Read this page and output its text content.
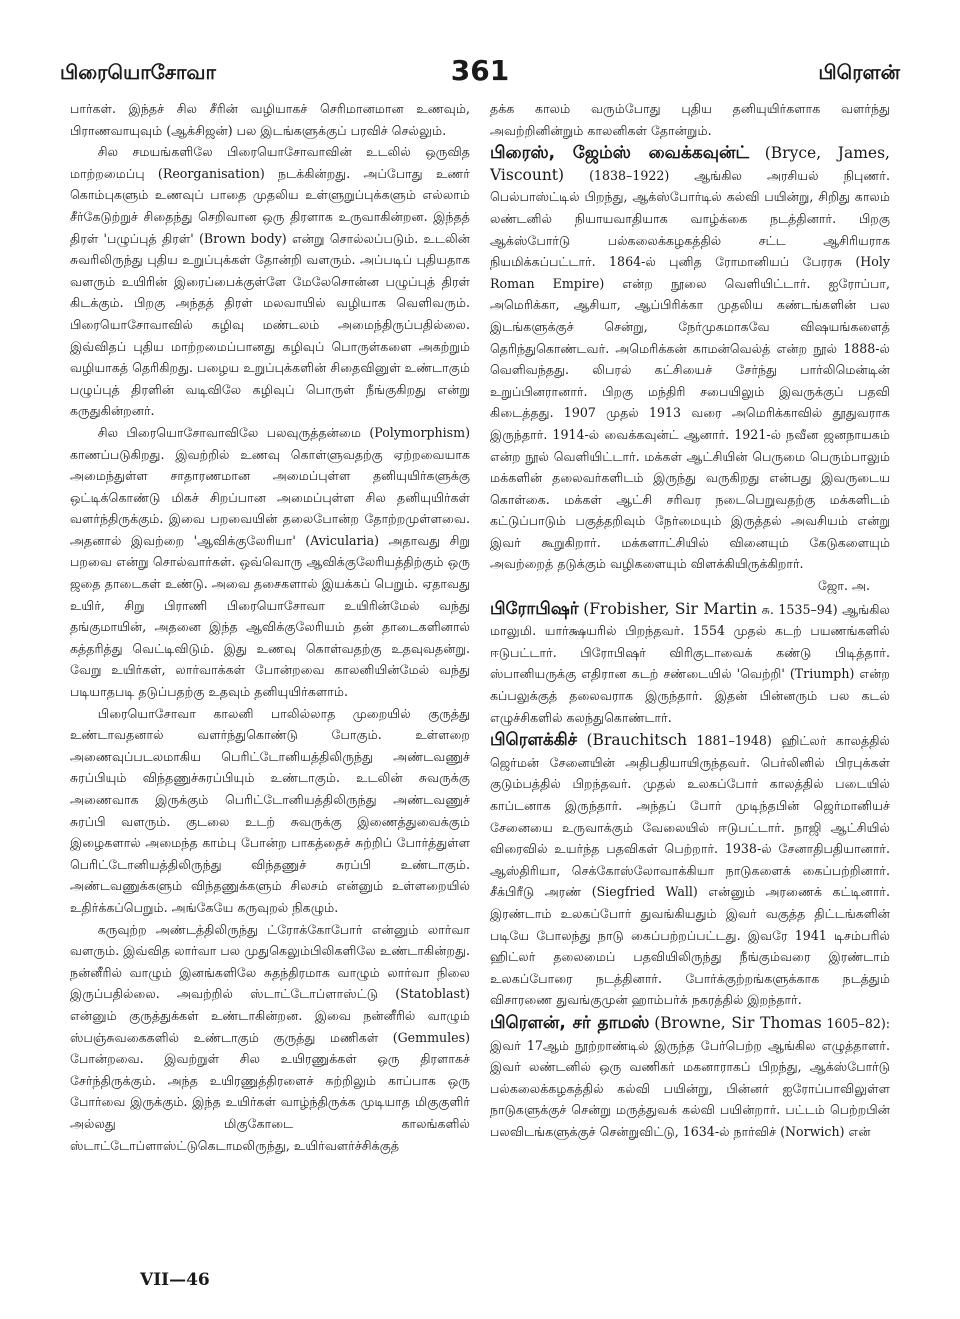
பிரையொசோவா	361	பிரௌன்

பார்கள். இந்தச் சில சீரின் வழியாகச் செரிமானமான உணவும், பிராணவாயுவும் (ஆக்சிஜன்) பல இடங்களுக்குப் பரவிச் செல்லும்.

சில சமயங்களிலே பிரையொசோவாவின் உடலில் ஒருவித மாற்றமைப்பு (Reorganisation) நடக்கின்றது. அப்போது உணர் கொம்புகளும் உணவுப் பாதை முதலிய உள்ளுறுப்புக்களும் எல்லாம் சீர்கேடுற்றுச் சிதைந்து செறிவான ஒரு திரளாக உருவாகின்றன. இந்தத் திரள் 'பழுப்புத் திரள்' (Brown body) என்று சொல்லப்படும். உடலின் சுவரிலிருந்து புதிய உறுப்புக்கள் தோன்றி வளரும். அப்படிப் புதியதாக வளரும் உயிரின் இரைப்பைக்குள்ளே மேலேசொன்ன பழுப்புத் திரள் கிடக்கும். பிறகு அந்தத் திரள் மலவாயில் வழியாக வெளிவரும். பிரையொசோவாவில் கழிவு மண்டலம் அமைந்திருப்பதில்லை. இவ்விதப் புதிய மாற்றமைப்பானது கழிவுப் பொருள்களை அகற்றும் வழியாகத் தெரிகிறது. பழைய உறுப்புக்களின் சிதைவினுள் உண்டாகும் பழுப்புத் திரளின் வடிவிலே கழிவுப் பொருள் நீங்குகிறது என்று கருதுகின்றனர்.

சில பிரையொசோவாவிலே பலவுருத்தன்மை (Polymorphism) காணப்படுகிறது. இவற்றில் உணவு கொள்ளுவதற்கு ஏற்றவையாக அமைந்துள்ள சாதாரணமான அமைப்புள்ள தனியுயிர்களுக்கு ஒட்டிக்கொண்டு மிகச் சிறப்பான அமைப்புள்ள சில தனியுயிர்கள் வளர்ந்திருக்கும். இவை பறவையின் தலைபோன்ற தோற்றமுள்ளவை. அதனால் இவற்றை 'ஆவிக்குலேரியா' (Avicularia) அதாவது சிறு பறவை என்று சொல்வார்கள். ஒவ்வொரு ஆவிக்குலேரியத்திற்கும் ஒரு ஜதை தாடைகள் உண்டு. அவை தசைகளால் இயக்கப் பெறும். ஏதாவது உயிர், சிறு பிராணி பிரையொசோவா உயிரின்மேல் வந்து தங்குமாயின், அதனை இந்த ஆவிக்குலேரியம் தன் தாடைகளினால் கத்தரித்து வெட்டிவிடும். இது உணவு கொள்வதற்கு உதவுவதன்று. வேறு உயிர்கள், லார்வாக்கள் போன்றவை காலனியின்மேல் வந்து படியாதபடி தடுப்பதற்கு உதவும் தனியுயிர்களாம்.

பிரையொசோவா காலனி பாலில்லாத முறையில் குருத்து உண்டாவதனால் வளர்ந்துகொண்டு போகும். உள்ளறை அணைவுப்படலமாகிய பெரிட்டோனியத்திலிருந்து அண்டவணுச் சுரப்பியும் விந்தணுச்சுரப்பியும் உண்டாகும். உடலின் சுவருக்கு அணைவாக இருக்கும் பெரிட்டோனியத்திலிருந்து அண்டவணுச் சுரப்பி வளரும். குடலை உடற் சுவருக்கு இணைத்துவைக்கும் இழைகளால் அமைந்த காம்பு போன்ற பாகத்தைச் சுற்றிப் போர்த்துள்ள பெரிட்டோனியத்திலிருந்து விந்தணுச் சுரப்பி உண்டாகும். அண்டவணுக்களும் விந்தணுக்களும் சிலசம் என்னும் உள்ளறையில் உதிர்க்கப்பெறும். அங்கேயே கருவுறல் நிகழும்.

கருவுற்ற அண்டத்திலிருந்து ட்ரோக்கோபோர் என்னும் லார்வா வளரும். இவ்வித லார்வா பல முதுகெலும்பிலிகளிலே உண்டாகின்றது. நன்னீரில் வாழும் இனங்களிலே சுதந்திரமாக வாழும் லார்வா நிலை இருப்பதில்லை. அவற்றில் ஸ்டாட்டோப்ளாஸ்ட்டு (Statoblast) என்னும் குருத்துக்கள் உண்டாகின்றன. இவை நன்னீரில் வாழும் ஸ்பஞ்சுவகைகளில் உண்டாகும் குருத்து மணிகள் (Gemmules) போன்றவை. இவற்றுள் சில உயிரணுக்கள் ஒரு திரளாகச் சேர்ந்திருக்கும். அந்த உயிரணுத்திரளைச் சுற்றிலும் காப்பாக ஒரு போர்வை இருக்கும். இந்த உயிர்கள் வாழ்ந்திருக்க முடியாத மிகுகுளிர் அல்லது மிகுகோடை காலங்களில் ஸ்டாட்டோப்ளாஸ்ட்டுகெடாமலிருந்து, உயிர்வளர்ச்சிக்குத்

தக்க காலம் வரும்போது புதிய தனியுயிர்களாக வளர்ந்து அவற்றினின்றும் காலனிகள் தோன்றும்.

பிரைஸ், ஜேம்ஸ் வைக்கவுன்ட் (Bryce, James, Viscount) (1838–1922) ஆங்கில அரசியல் நிபுணர். பெல்பாஸ்ட்டில் பிறந்து, ஆக்ஸ்போர்டில் கல்வி பயின்று, சிறிது காலம் லண்டனில் நியாயவாதியாக வாழ்க்கை நடத்தினார். பிறகு ஆக்ஸ்போர்டு பல்கலைக்கழகத்தில் சட்ட ஆசிரியராக நியமிக்கப்பட்டார். 1864-ல் புனித ரோமானியப் பேரரசு (Holy Roman Empire) என்ற நூலை வெளியிட்டார். ஐரோப்பா, அமெரிக்கா, ஆசியா, ஆப்பிரிக்கா முதலிய கண்டங்களின் பல இடங்களுக்குச் சென்று, நேர்முகமாகவே விஷயங்களைத் தெரிந்துகொண்டவர். அமெரிக்கன் காமன்வெல்த் என்ற நூல் 1888-ல் வெளிவந்தது. லிபரல் கட்சியைச் சேர்ந்து பார்லிமென்டின் உறுப்பினரானார். பிறகு மந்திரி சபையிலும் இவருக்குப் பதவி கிடைத்தது. 1907 முதல் 1913 வரை அமெரிக்காவில் தூதுவராக இருந்தார். 1914-ல் வைக்கவுன்ட் ஆனார். 1921-ல் நவீன ஜனநாயகம் என்ற நூல் வெளியிட்டார். மக்கள் ஆட்சியின் பெருமை பெரும்பாலும் மக்களின் தலைவர்களிடம் இருந்து வருகிறது என்பது இவருடைய கொள்கை. மக்கள் ஆட்சி சரிவர நடைபெறுவதற்கு மக்களிடம் கட்டுப்பாடும் பகுத்தறிவும் நேர்மையும் இருத்தல் அவசியம் என்று இவர் கூறுகிறார். மக்களாட்சியில் வினையும் கேடுகளையும் அவற்றைத் தடுக்கும் வழிகளையும் விளக்கியிருக்கிறார்.
ஜோ. அ.

பிரோபிஷர் (Frobisher, Sir Martin சு. 1535–94) ஆங்கில மாலுமி. யார்க்ஷயரில் பிறந்தவர். 1554 முதல் கடற் பயணங்களில் ஈடுபட்டார். பிரோபிஷர் விரிகுடாவைக் கண்டு பிடித்தார். ஸ்பானியருக்கு எதிரான கடற் சண்டையில் 'வெற்றி' (Triumph) என்ற கப்பலுக்குத் தலைவராக இருந்தார். இதன் பின்னரும் பல கடல் எழுச்சிகளில் கலந்துகொண்டார்.

பிரௌக்கிச் (Brauchitsch 1881–1948) ஹிட்லர் காலத்தில் ஜெர்மன் சேனையின் அதிபதியாயிருந்தவர். பெர்லினில் பிரபுக்கள் குடும்பத்தில் பிறந்தவர். முதல் உலகப்போர் காலத்தில் படையில் காப்டனாக இருந்தார். அந்தப் போர் முடிந்தபின் ஜெர்மானியச் சேனையை உருவாக்கும் வேலையில் ஈடுபட்டார். நாஜி ஆட்சியில் விரைவில் உயர்ந்த பதவிகள் பெற்றார். 1938-ல் சேனாதிபதியானார். ஆஸ்திரியா, செக்கோஸ்லோவாக்கியா நாடுகளைக் கைப்பற்றினார். சீக்பிரீடு அரண் (Siegfried Wall) என்னும் அரணைக் கட்டினார். இரண்டாம் உலகப்போர் துவங்கியதும் இவர் வகுத்த திட்டங்களின் படியே போலந்து நாடு கைப்பற்றப்பட்டது. இவரே 1941 டிசம்பரில் ஹிட்லர் தலைமைப் பதவியிலிருந்து நீங்கும்வரை இரண்டாம் உலகப்போரை நடத்தினார். போர்க்குற்றங்களுக்காக நடத்தும் விசாரணை துவங்குமுன் ஹாம்பர்க் நகரத்தில் இறந்தார்.

பிரௌன், சர் தாமஸ் (Browne, Sir Thomas 1605–82): இவர் 17ஆம் நூற்றாண்டில் இருந்த பேர்பெற்ற ஆங்கில எழுத்தாளர். இவர் லண்டனில் ஒரு வணிகர் மகனாராகப் பிறந்து, ஆக்ஸ்போர்டு பல்கலைக்கழகத்தில் கல்வி பயின்று, பின்னர் ஐரோப்பாவிலுள்ள நாடுகளுக்குச் சென்று மருத்துவக் கல்வி பயின்றார். பட்டம் பெற்றபின் பலவிடங்களுக்குச் சென்றுவிட்டு, 1634-ல் நார்விச் (Norwich) என்

VII—46
